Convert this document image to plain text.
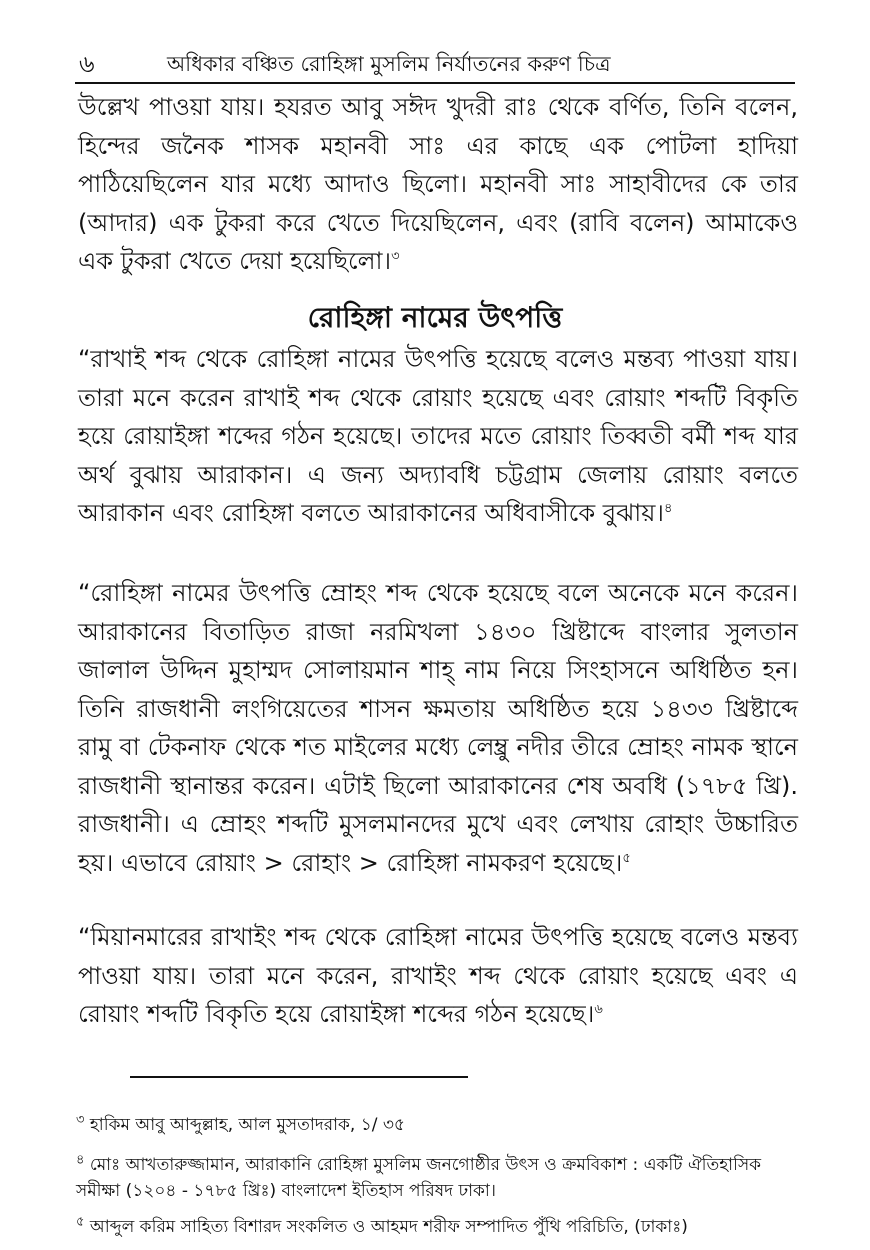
৬	অধিকার বঞ্চিত রোহিঙ্গা মুসলিম নির্যাতনের করুণ চিত্র

উল্লেখ পাওয়া যায়। হযরত আবু সঈদ খুদরী রাঃ থেকে বর্ণিত, তিনি বলেন, হিন্দের জনৈক শাসক মহানবী সাঃ এর কাছে এক পোটলা হাদিয়া পাঠিয়েছিলেন যার মধ্যে আদাও ছিলো। মহানবী সাঃ সাহাবীদের কে তার (আদার) এক টুকরা করে খেতে দিয়েছিলেন, এবং (রাবি বলেন) আমাকেও এক টুকরা খেতে দেয়া হয়েছিলো।$^৩$

রোহিঙ্গা নামের উৎপত্তি

“রাখাই শব্দ থেকে রোহিঙ্গা নামের উৎপত্তি হয়েছে বলেও মন্তব্য পাওয়া যায়। তারা মনে করেন রাখাই শব্দ থেকে রোয়াং হয়েছে এবং রোয়াং শব্দটি বিকৃতি হয়ে রোয়াইঙ্গা শব্দের গঠন হয়েছে। তাদের মতে রোয়াং তিব্বতী বর্মী শব্দ যার অর্থ বুঝায় আরাকান। এ জন্য অদ্যাবধি চট্টগ্রাম জেলায় রোয়াং বলতে আরাকান এবং রোহিঙ্গা বলতে আরাকানের অধিবাসীকে বুঝায়।$^৪$

“রোহিঙ্গা নামের উৎপত্তি ম্রোহং শব্দ থেকে হয়েছে বলে অনেকে মনে করেন। আরাকানের বিতাড়িত রাজা নরমিখলা ১৪৩০ খ্রিষ্টাব্দে বাংলার সুলতান জালাল উদ্দিন মুহাম্মদ সোলায়মান শাহ্ নাম নিয়ে সিংহাসনে অধিষ্ঠিত হন। তিনি রাজধানী লংগিয়েতের শাসন ক্ষমতায় অধিষ্ঠিত হয়ে ১৪৩৩ খ্রিষ্টাব্দে রামু বা টেকনাফ থেকে শত মাইলের মধ্যে লেম্ব্রু নদীর তীরে ম্রোহং নামক স্থানে রাজধানী স্থানান্তর করেন। এটাই ছিলো আরাকানের শেষ অবধি (১৭৮৫ খ্রি). রাজধানী। এ ম্রোহং শব্দটি মুসলমানদের মুখে এবং লেখায় রোহাং উচ্চারিত হয়। এভাবে রোয়াং > রোহাং > রোহিঙ্গা নামকরণ হয়েছে।$^৫$

“মিয়ানমারের রাখাইং শব্দ থেকে রোহিঙ্গা নামের উৎপত্তি হয়েছে বলেও মন্তব্য পাওয়া যায়। তারা মনে করেন, রাখাইং শব্দ থেকে রোয়াং হয়েছে এবং এ রোয়াং শব্দটি বিকৃতি হয়ে রোয়াইঙ্গা শব্দের গঠন হয়েছে।$^৬$

$^৩$ হাকিম আবু আব্দুল্লাহ, আল মুসতাদরাক, ১/ ৩৫
$^৪$ মোঃ আখতারুজ্জামান, আরাকানি রোহিঙ্গা মুসলিম জনগোষ্ঠীর উৎস ও ক্রমবিকাশ : একটি ঐতিহাসিক সমীক্ষা (১২০৪ - ১৭৮৫ খ্রিঃ) বাংলাদেশ ইতিহাস পরিষদ ঢাকা।
$^৫$ আব্দুল করিম সাহিত্য বিশারদ সংকলিত ও আহমদ শরীফ সম্পাদিত পুঁথি পরিচিতি, (ঢাকাঃ)
